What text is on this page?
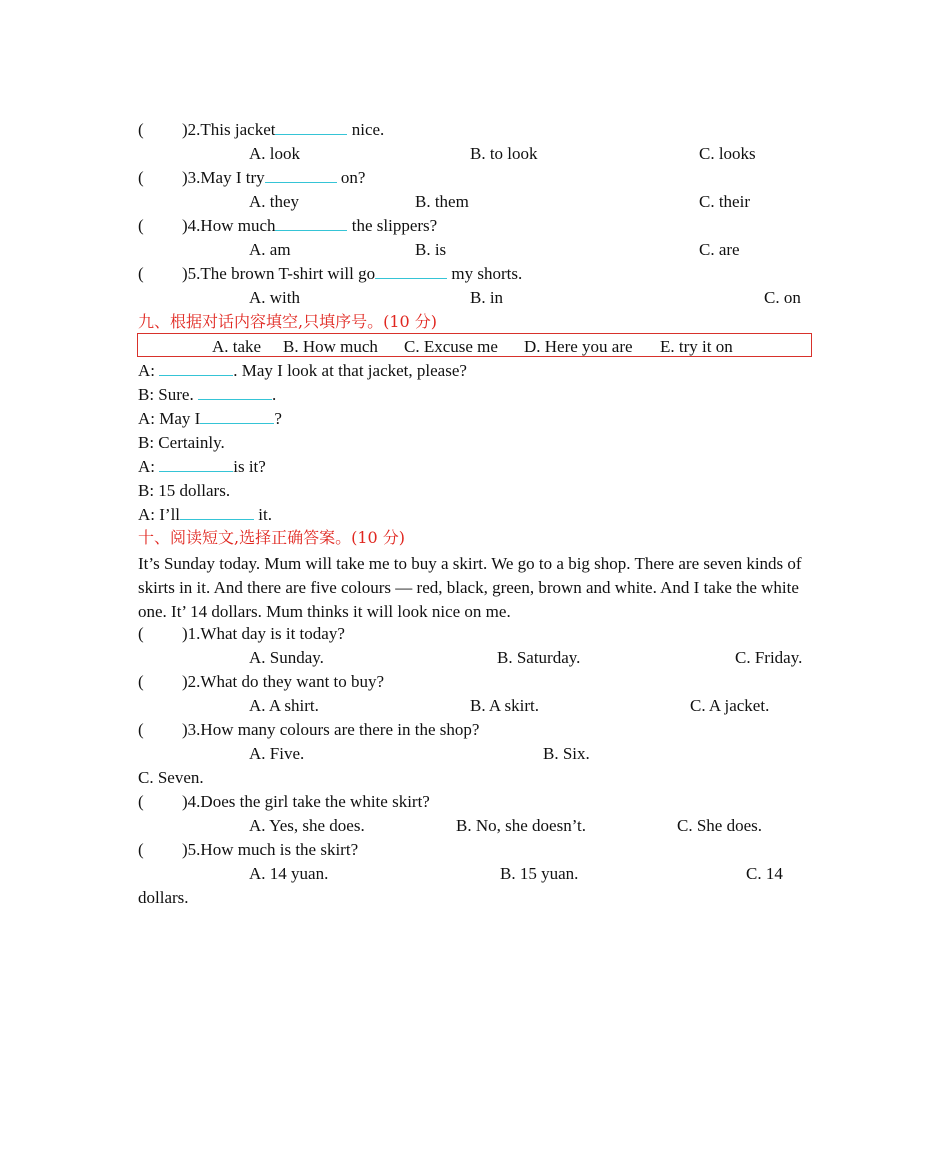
( )2.This jacket	nice.
A. look	B. to look	C. looks
( )3.May I try	on?
A. they	B. them	C. their
( )4.How much	the slippers?
A. am	B. is	C. are
( )5.The brown T-shirt will go	my shorts.
A. with	B. in	C. on
九、根据对话内容填空,只填序号。(10 分)
A. take B. How much C. Excuse me D. Here you are E. try it on
A:	. May I look at that jacket, please?
B: Sure.	.
A: May I	?
B: Certainly.
A:	is it?
B: 15 dollars.
A: I’ll	it.
十、阅读短文,选择正确答案。(10 分)
It’s Sunday today. Mum will take me to buy a skirt. We go to a big shop. There are seven kinds of skirts in it. And there are five colours — red, black, green, brown and white. And I take the white one. It’ 14 dollars. Mum thinks it will look nice on me.
( )1.What day is it today?
A. Sunday.	B. Saturday.	C. Friday.
( )2.What do they want to buy?
A. A shirt.	B. A skirt.	C. A jacket.
( )3.How many colours are there in the shop?
A. Five.	B. Six.
C. Seven.
( )4.Does the girl take the white skirt?
A. Yes, she does.	B. No, she doesn’t.	C. She does.
( )5.How much is the skirt?
A. 14 yuan.	B. 15 yuan.	C. 14
dollars.
